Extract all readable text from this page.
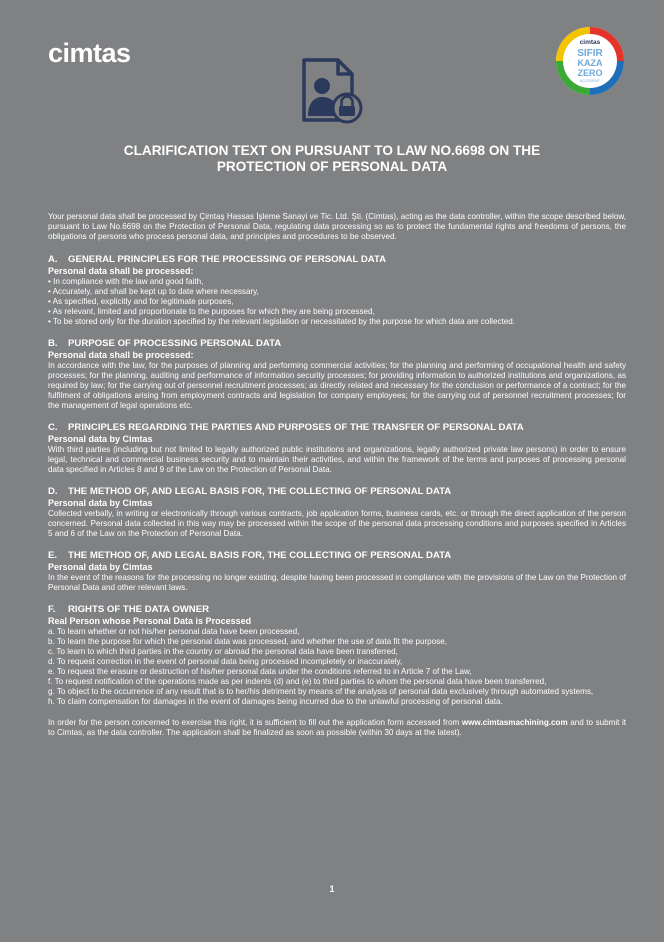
cimtas	cimtas
SIFIR
KAZA
ZERO
ACCIDENT
CLARIFICATION TEXT ON PURSUANT TO LAW NO.6698 ON THE
PROTECTION OF PERSONAL DATA

Your personal data shall be processed by Çimtaş Hassas İşleme Sanayi ve Tic. Ltd. Şti. (Cimtas), acting as the data controller, within the scope described below, pursuant to Law No.6698 on the Protection of Personal Data, regulating data processing so as to protect the fundamental rights and freedoms of persons, the obligations of persons who process personal data, and principles and procedures to be observed.

A. GENERAL PRINCIPLES FOR THE PROCESSING OF PERSONAL DATA
Personal data shall be processed:
• In compliance with the law and good faith,
• Accurately, and shall be kept up to date where necessary,
• As specified, explicitly and for legitimate purposes,
• As relevant, limited and proportionate to the purposes for which they are being processed,
• To be stored only for the duration specified by the relevant legislation or necessitated by the purpose for which data are collected.
B. PURPOSE OF PROCESSING PERSONAL DATA
Personal data shall be processed:

In accordance with the law, for the purposes of planning and performing commercial activities; for the planning and performing of occupational health and safety processes; for the planning, auditing and performance of information security processes; for providing information to authorized institutions and organizations, as required by law; for the carrying out of personnel recruitment processes; as directly related and necessary for the conclusion or performance of a contract; for the fulfilment of obligations arising from employment contracts and legislation for company employees; for the carrying out of personnel recruitment processes; for the management of legal operations etc.

C. PRINCIPLES REGARDING THE PARTIES AND PURPOSES OF THE TRANSFER OF PERSONAL DATA
Personal data by Cimtas

With third parties (including but not limited to legally authorized public institutions and organizations, legally authorized private law persons) in order to ensure legal, technical and commercial business security and to maintain their activities, and within the framework of the terms and purposes of processing personal data specified in Articles 8 and 9 of the Law on the Protection of Personal Data.

D. THE METHOD OF, AND LEGAL BASIS FOR, THE COLLECTING OF PERSONAL DATA
Personal data by Cimtas

Collected verbally, in writing or electronically through various contracts, job application forms, business cards, etc. or through the direct application of the person concerned. Personal data collected in this way may be processed within the scope of the personal data processing conditions and purposes specified in Articles 5 and 6 of the Law on the Protection of Personal Data.

E. THE METHOD OF, AND LEGAL BASIS FOR, THE COLLECTING OF PERSONAL DATA
Personal data by Cimtas

In the event of the reasons for the processing no longer existing, despite having been processed in compliance with the provisions of the Law on the Protection of Personal Data and other relevant laws.

F. RIGHTS OF THE DATA OWNER
Real Person whose Personal Data is Processed
a. To learn whether or not his/her personal data have been processed,
b. To learn the purpose for which the personal data was processed, and whether the use of data fit the purpose,
c. To learn to which third parties in the country or abroad the personal data have been transferred,
d. To request correction in the event of personal data being processed incompletely or inaccurately,
e. To request the erasure or destruction of his/her personal data under the conditions referred to in Article 7 of the Law,
f. To request notification of the operations made as per indents (d) and (e) to third parties to whom the personal data have been transferred,
g. To object to the occurrence of any result that is to her/his detriment by means of the analysis of personal data exclusively through automated systems,
h. To claim compensation for damages in the event of damages being incurred due to the unlawful processing of personal data.

In order for the person concerned to exercise this right, it is sufficient to fill out the application form accessed from www.cimtasmachining.com and to submit it to Cimtas, as the data controller. The application shall be finalized as soon as possible (within 30 days at the latest).

1
